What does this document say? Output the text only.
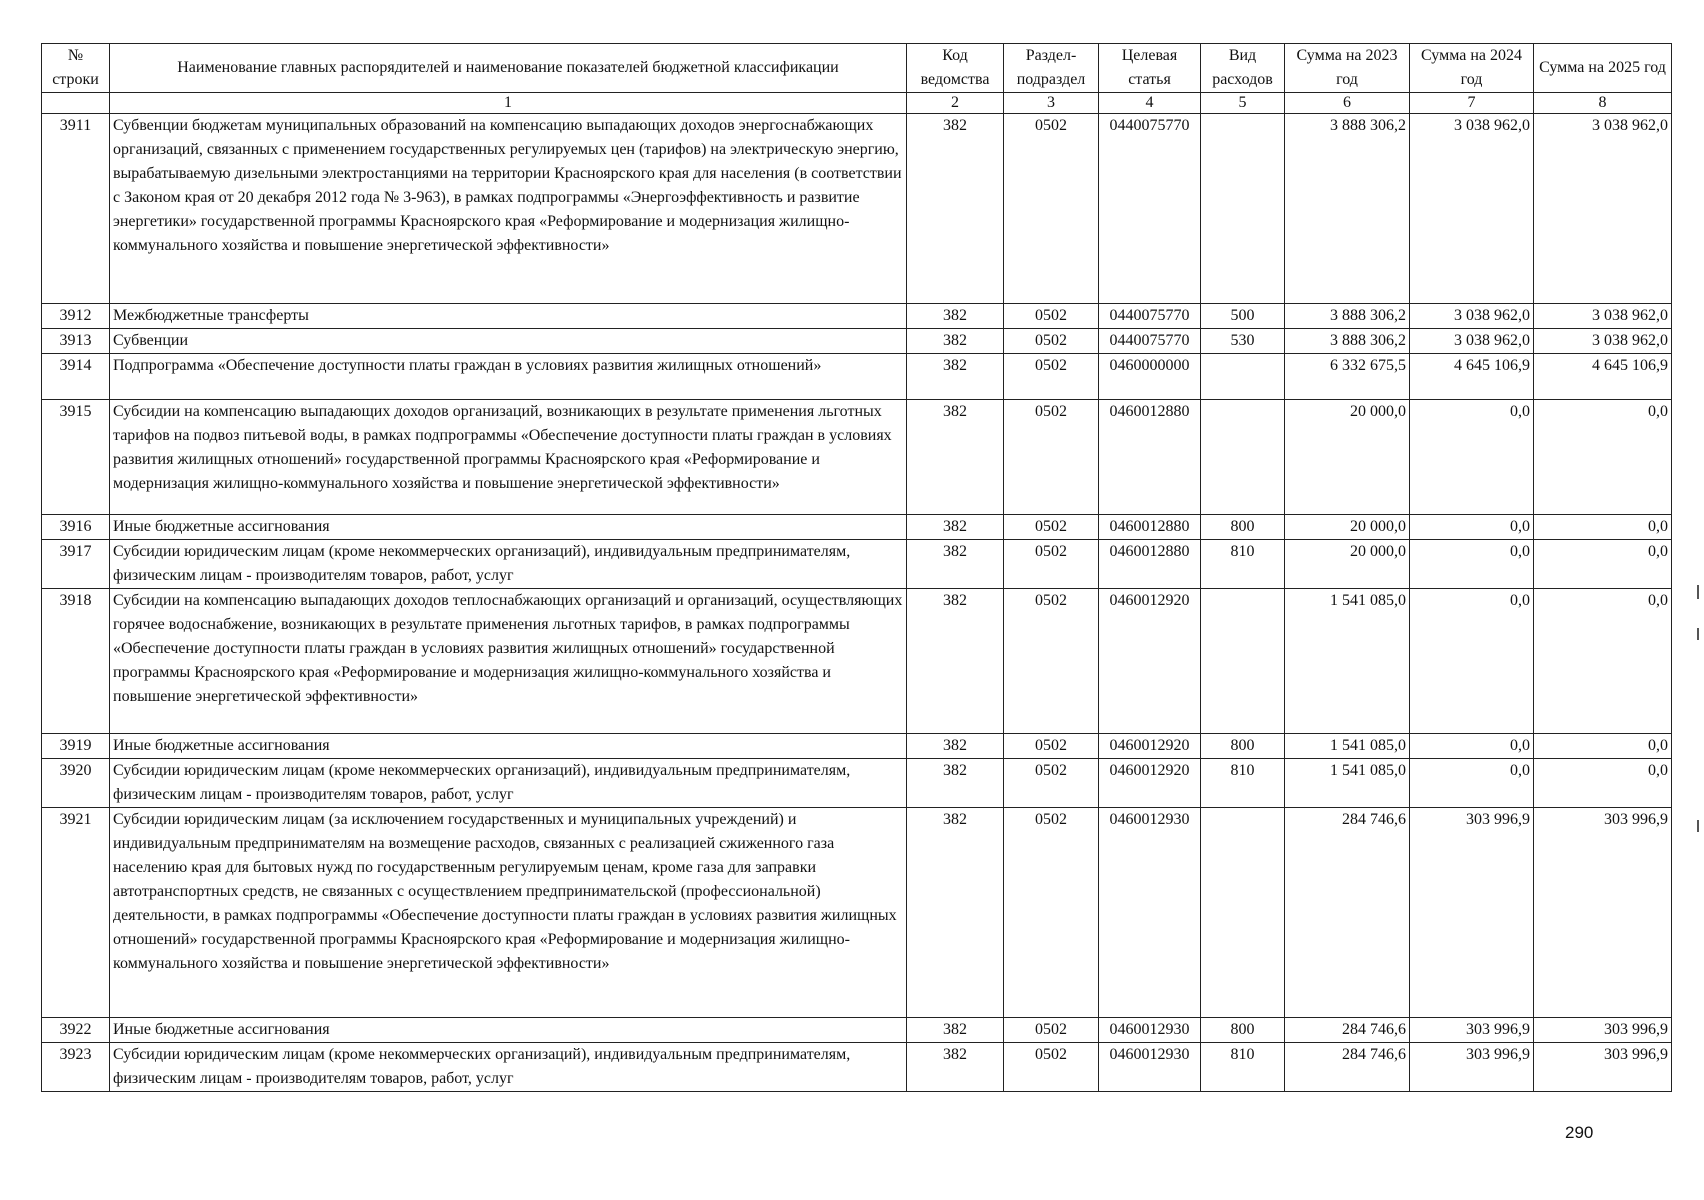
№ строки	Наименование главных распорядителей и наименование показателей бюджетной классификации	Код ведомства	Раздел-подраздел	Целевая статья	Вид расходов	Сумма на 2023 год	Сумма на 2024 год	Сумма на 2025 год
	1	2	3	4	5	6	7	8
3911	Субвенции бюджетам муниципальных образований на компенсацию выпадающих доходов энергоснабжающих организаций, связанных с применением государственных регулируемых цен (тарифов) на электрическую энергию, вырабатываемую дизельными электростанциями на территории Красноярского края для населения (в соответствии с Законом края от 20 декабря 2012 года № 3-963), в рамках подпрограммы «Энергоэффективность и развитие энергетики» государственной программы Красноярского края «Реформирование и модернизация жилищно-коммунального хозяйства и повышение энергетической эффективности»	382	0502	0440075770		3 888 306,2	3 038 962,0	3 038 962,0
3912	Межбюджетные трансферты	382	0502	0440075770	500	3 888 306,2	3 038 962,0	3 038 962,0
3913	Субвенции	382	0502	0440075770	530	3 888 306,2	3 038 962,0	3 038 962,0
3914	Подпрограмма «Обеспечение доступности платы граждан в условиях развития жилищных отношений»	382	0502	0460000000		6 332 675,5	4 645 106,9	4 645 106,9
3915	Субсидии на компенсацию выпадающих доходов организаций, возникающих в результате применения льготных тарифов на подвоз питьевой воды, в рамках подпрограммы «Обеспечение доступности платы граждан в условиях развития жилищных отношений» государственной программы Красноярского края «Реформирование и модернизация жилищно-коммунального хозяйства и повышение энергетической эффективности»	382	0502	0460012880		20 000,0	0,0	0,0
3916	Иные бюджетные ассигнования	382	0502	0460012880	800	20 000,0	0,0	0,0
3917	Субсидии юридическим лицам (кроме некоммерческих организаций), индивидуальным предпринимателям, физическим лицам - производителям товаров, работ, услуг	382	0502	0460012880	810	20 000,0	0,0	0,0
3918	Субсидии на компенсацию выпадающих доходов теплоснабжающих организаций и организаций, осуществляющих горячее водоснабжение, возникающих в результате применения льготных тарифов, в рамках подпрограммы «Обеспечение доступности платы граждан в условиях развития жилищных отношений» государственной программы Красноярского края «Реформирование и модернизация жилищно-коммунального хозяйства и повышение энергетической эффективности»	382	0502	0460012920		1 541 085,0	0,0	0,0
3919	Иные бюджетные ассигнования	382	0502	0460012920	800	1 541 085,0	0,0	0,0
3920	Субсидии юридическим лицам (кроме некоммерческих организаций), индивидуальным предпринимателям, физическим лицам - производителям товаров, работ, услуг	382	0502	0460012920	810	1 541 085,0	0,0	0,0
3921	Субсидии юридическим лицам (за исключением государственных и муниципальных учреждений) и индивидуальным предпринимателям на возмещение расходов, связанных с реализацией сжиженного газа населению края для бытовых нужд по государственным регулируемым ценам, кроме газа для заправки автотранспортных средств, не связанных с осуществлением предпринимательской (профессиональной) деятельности, в рамках подпрограммы «Обеспечение доступности платы граждан в условиях развития жилищных отношений» государственной программы Красноярского края «Реформирование и модернизация жилищно-коммунального хозяйства и повышение энергетической эффективности»	382	0502	0460012930		284 746,6	303 996,9	303 996,9
3922	Иные бюджетные ассигнования	382	0502	0460012930	800	284 746,6	303 996,9	303 996,9
3923	Субсидии юридическим лицам (кроме некоммерческих организаций), индивидуальным предпринимателям, физическим лицам - производителям товаров, работ, услуг	382	0502	0460012930	810	284 746,6	303 996,9	303 996,9
290
